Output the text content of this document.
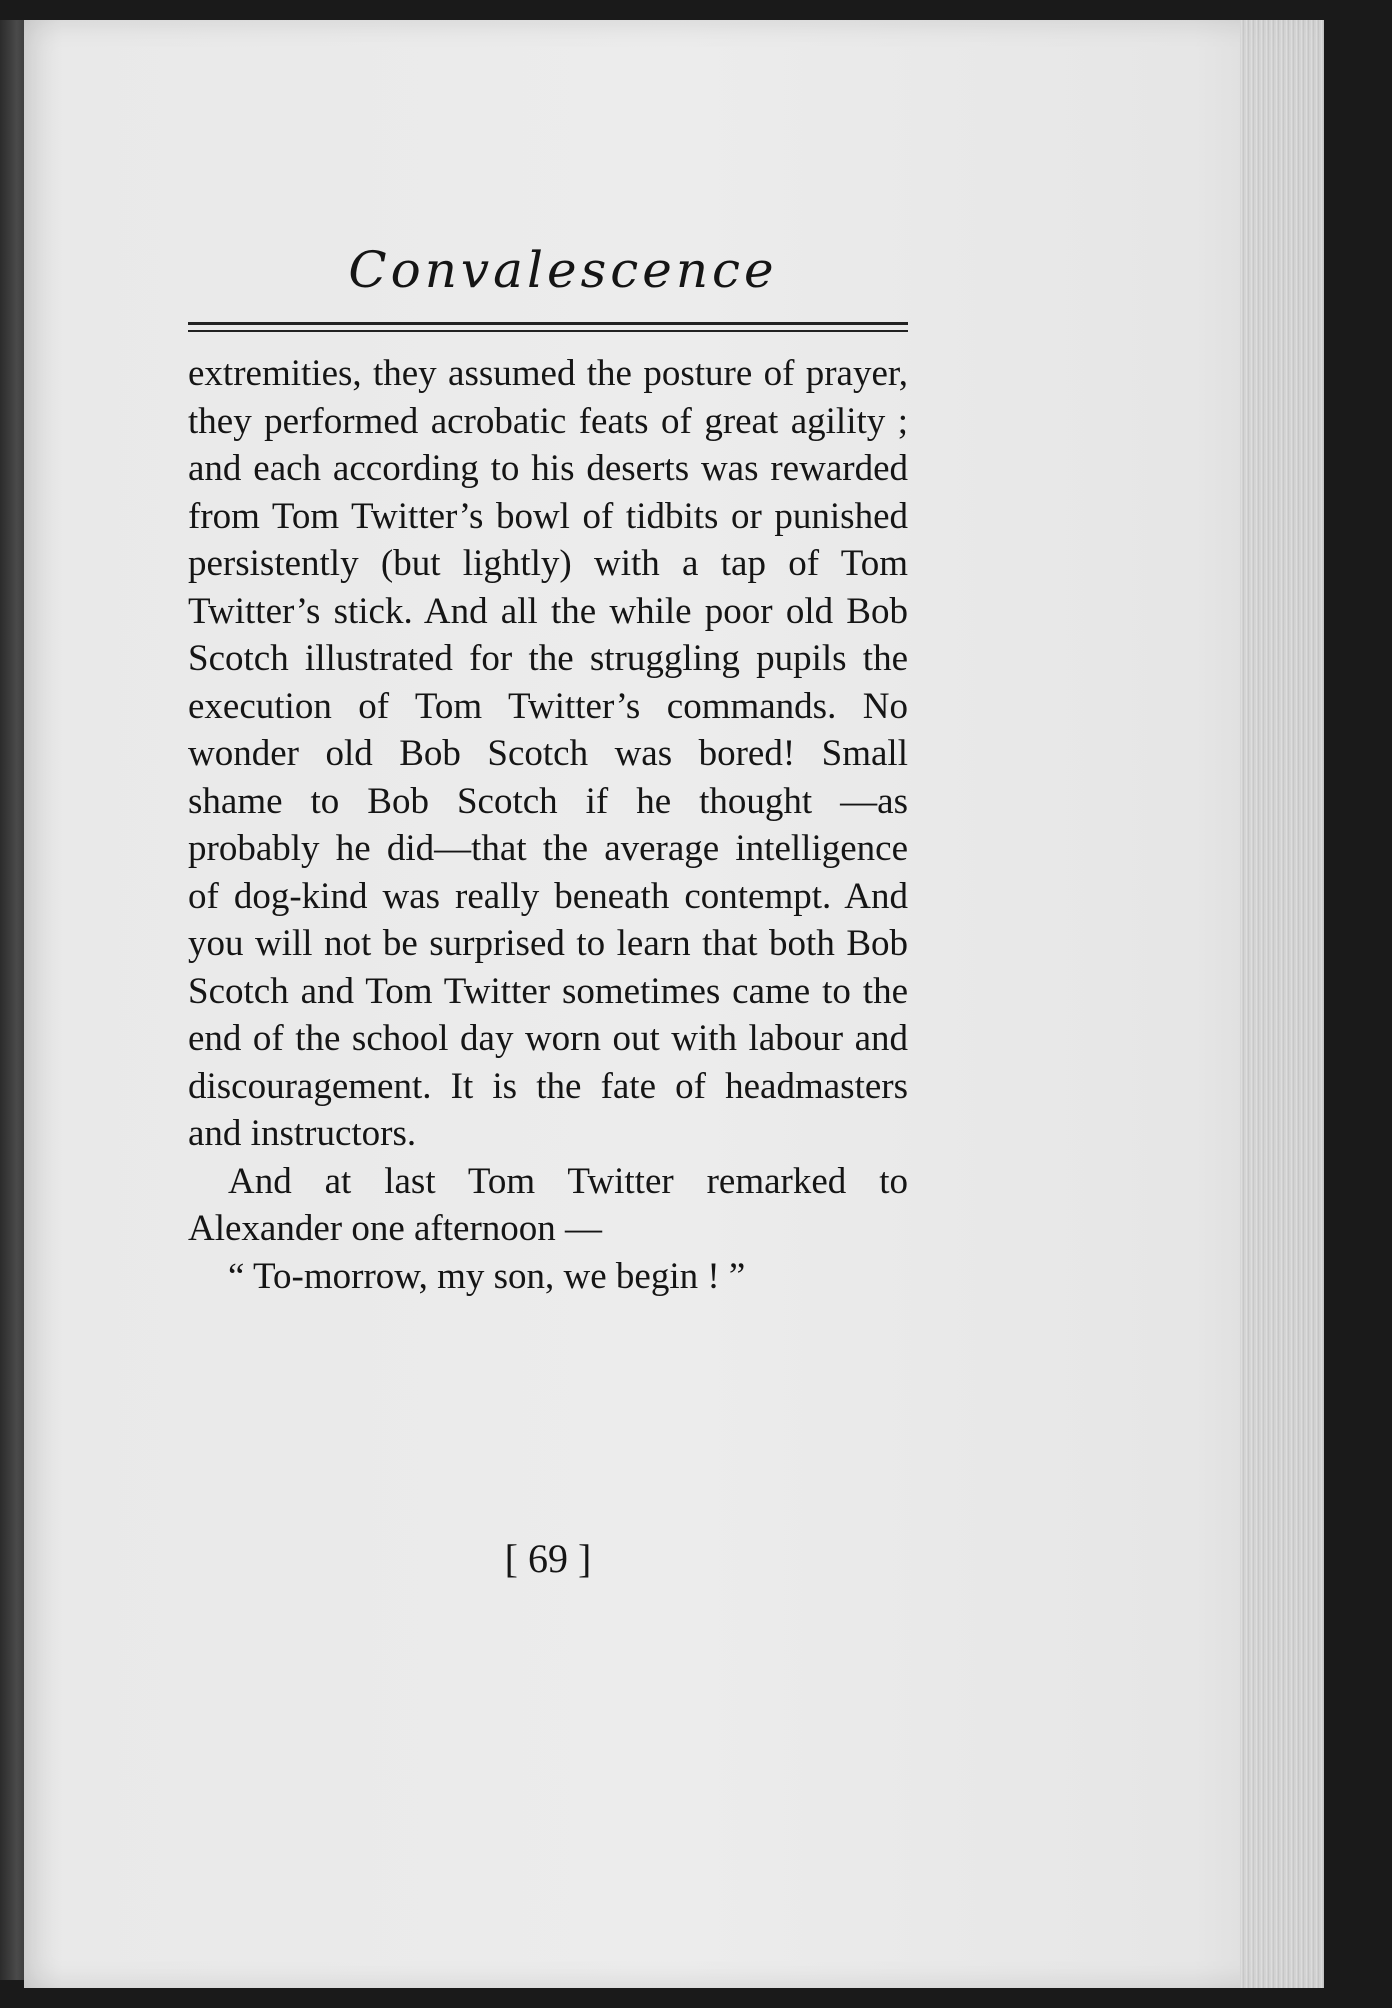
Convalescence

extremities, they assumed the posture of prayer, they performed acrobatic feats of great agility ; and each according to his deserts was rewarded from Tom Twitter’s bowl of tidbits or punished persistently (but lightly) with a tap of Tom Twitter’s stick. And all the while poor old Bob Scotch illustrated for the struggling pupils the execution of Tom Twitter’s commands. No wonder old Bob Scotch was bored! Small shame to Bob Scotch if he thought —as probably he did—that the average intelligence of dog-kind was really beneath contempt. And you will not be surprised to learn that both Bob Scotch and Tom Twitter sometimes came to the end of the school day worn out with labour and discouragement. It is the fate of headmasters and instructors.

And at last Tom Twitter remarked to Alexander one afternoon —

“ To-morrow, my son, we begin ! ”

[ 69 ]
